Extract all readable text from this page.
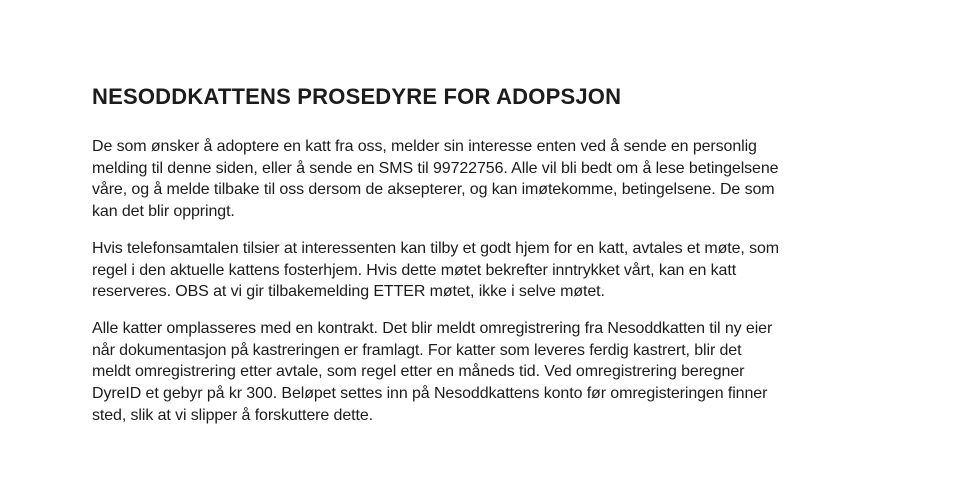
NESODDKATTENS PROSEDYRE FOR ADOPSJON

De som ønsker å adoptere en katt fra oss, melder sin interesse enten ved å sende en personlig
melding til denne siden, eller å sende en SMS til 99722756. Alle vil bli bedt om å lese betingelsene
våre, og å melde tilbake til oss dersom de aksepterer, og kan imøtekomme, betingelsene. De som
kan det blir oppringt.

Hvis telefonsamtalen tilsier at interessenten kan tilby et godt hjem for en katt, avtales et møte, som
regel i den aktuelle kattens fosterhjem. Hvis dette møtet bekrefter inntrykket vårt, kan en katt
reserveres. OBS at vi gir tilbakemelding ETTER møtet, ikke i selve møtet.

Alle katter omplasseres med en kontrakt. Det blir meldt omregistrering fra Nesoddkatten til ny eier
når dokumentasjon på kastreringen er framlagt. For katter som leveres ferdig kastrert, blir det
meldt omregistrering etter avtale, som regel etter en måneds tid. Ved omregistrering beregner
DyreID et gebyr på kr 300. Beløpet settes inn på Nesoddkattens konto før omregisteringen finner
sted, slik at vi slipper å forskuttere dette.
